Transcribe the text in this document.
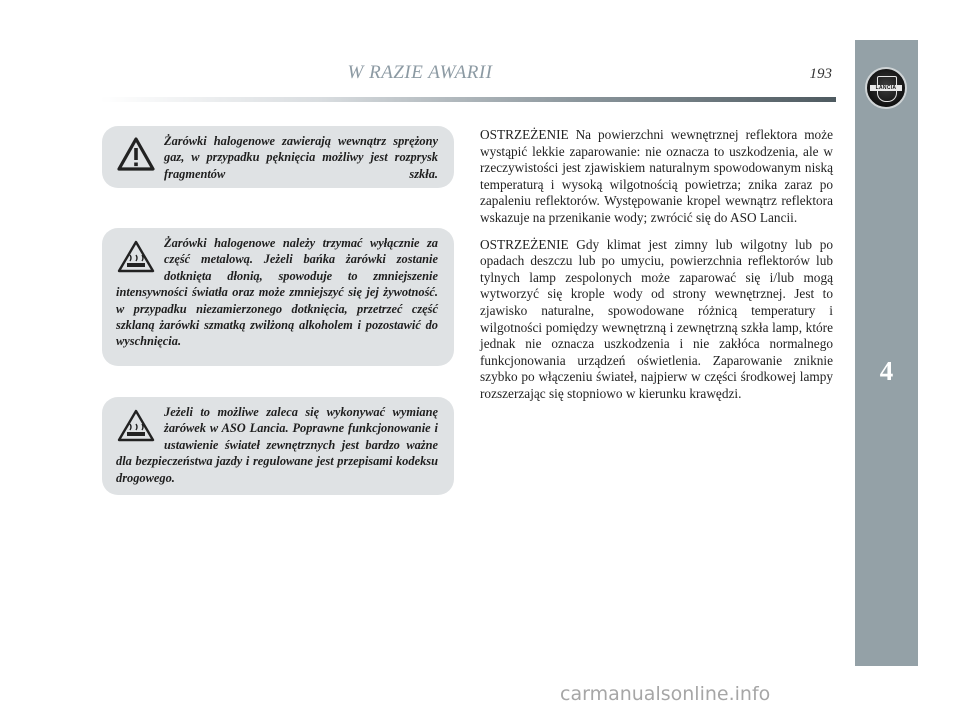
W RAZIE AWARII	193
LANCIA
4

Żarówki halogenowe zawierają wewnątrz sprężony gaz, w przypadku pęknięcia możliwy jest rozprysk fragmentów szkła.

Żarówki halogenowe należy trzymać wyłącznie za część metalową. Jeżeli bańka żarówki zostanie dotknięta dłonią, spowoduje to zmniejszenie intensywności światła oraz może zmniejszyć się jej żywotność. w przypadku niezamierzonego dotknięcia, przetrzeć część szklaną żarówki szmatką zwilżoną alkoholem i pozostawić do wyschnięcia.

Jeżeli to możliwe zaleca się wykonywać wymianę żarówek w ASO Lancia. Poprawne funkcjonowanie i ustawienie świateł zewnętrznych jest bardzo ważne dla bezpieczeństwa jazdy i regulowane jest przepisami kodeksu drogowego.

OSTRZEŻENIE Na powierzchni wewnętrznej reflektora może wystąpić lekkie zaparowanie: nie oznacza to uszkodzenia, ale w rzeczywistości jest zjawiskiem naturalnym spowodowanym niską temperaturą i wysoką wilgotnością powietrza; znika zaraz po zapaleniu reflektorów. Występowanie kropel wewnątrz reflektora wskazuje na przenikanie wody; zwrócić się do ASO Lancii.

OSTRZEŻENIE Gdy klimat jest zimny lub wilgotny lub po opadach deszczu lub po umyciu, powierzchnia reflektorów lub tylnych lamp zespolonych może zaparować się i/lub mogą wytworzyć się krople wody od strony wewnętrznej. Jest to zjawisko naturalne, spowodowane różnicą temperatury i wilgotności pomiędzy wewnętrzną i zewnętrzną szkła lamp, które jednak nie oznacza uszkodzenia i nie zakłóca normalnego funkcjonowania urządzeń oświetlenia. Zaparowanie zniknie szybko po włączeniu świateł, najpierw w części środkowej lampy rozszerzając się stopniowo w kierunku krawędzi.

carmanualsonline.info
